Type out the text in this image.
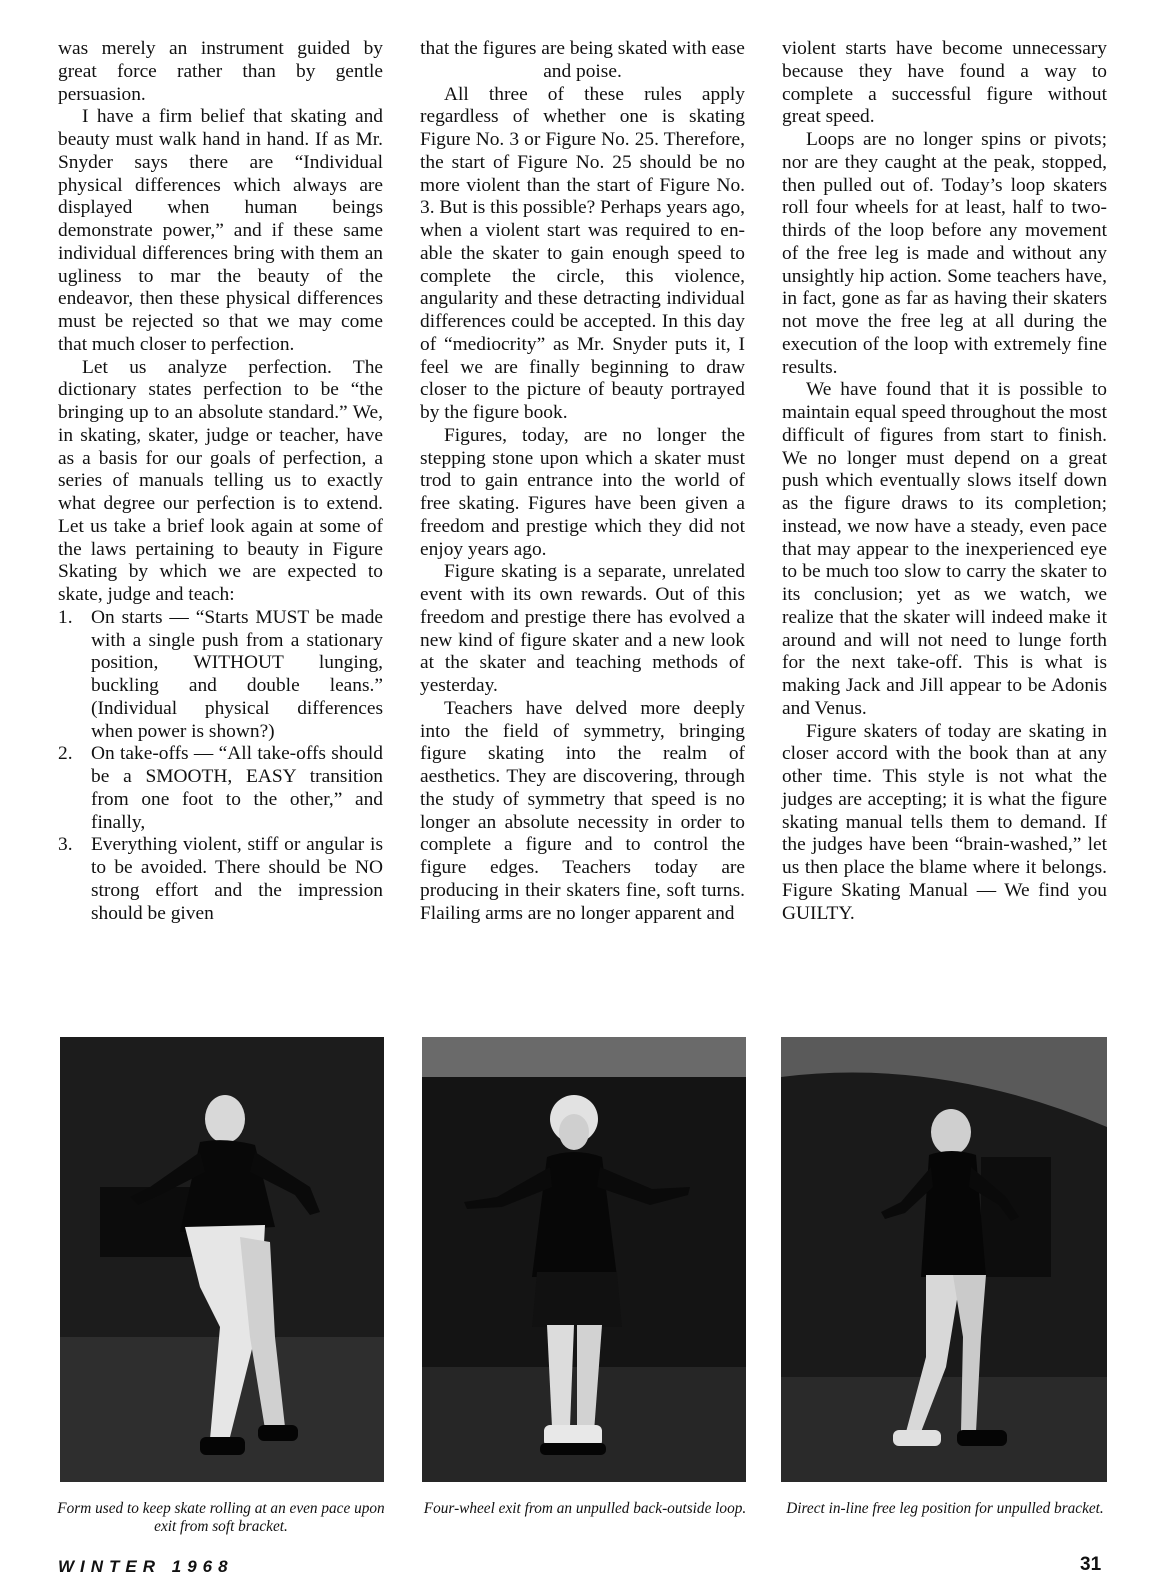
was merely an instrument guided by great force rather than by gentle persuasion.

I have a firm belief that skating and beauty must walk hand in hand. If as Mr. Snyder says there are “Individual physical differences which always are displayed when human beings demonstrate power,” and if these same individual differences bring with them an ugliness to mar the beauty of the endeavor, then these physical differences must be rejected so that we may come that much closer to perfection.

Let us analyze perfection. The dictionary states perfection to be “the bringing up to an absolute standard.” We, in skating, skater, judge or teacher, have as a basis for our goals of perfection, a series of manuals telling us to exactly what degree our perfection is to extend. Let us take a brief look again at some of the laws pertaining to beauty in Figure Skating by which we are expected to skate, judge and teach:

1. On starts — “Starts MUST be made with a single push from a stationary position, WITHOUT lunging, buckling and double leans.” (Individual physical differences when power is shown?)
2. On take-offs — “All take-offs should be a SMOOTH, EASY transition from one foot to the other,” and finally,
3. Everything violent, stiff or angular is to be avoided. There should be NO strong effort and the impression should be given

that the figures are being skated with ease and poise.

All three of these rules apply regardless of whether one is skating Figure No. 3 or Figure No. 25. Therefore, the start of Figure No. 25 should be no more violent than the start of Figure No. 3. But is this possible? Perhaps years ago, when a violent start was required to enable the skater to gain enough speed to complete the circle, this violence, angularity and these detracting individual differences could be accepted. In this day of “mediocrity” as Mr. Snyder puts it, I feel we are finally beginning to draw closer to the picture of beauty portrayed by the figure book.

Figures, today, are no longer the stepping stone upon which a skater must trod to gain entrance into the world of free skating. Figures have been given a freedom and prestige which they did not enjoy years ago.

Figure skating is a separate, unrelated event with its own rewards. Out of this freedom and prestige there has evolved a new kind of figure skater and a new look at the skater and teaching methods of yesterday.

Teachers have delved more deeply into the field of symmetry, bringing figure skating into the realm of aesthetics. They are discovering, through the study of symmetry that speed is no longer an absolute necessity in order to complete a figure and to control the figure edges. Teachers today are producing in their skaters fine, soft turns. Flailing arms are no longer apparent and

violent starts have become unnecessary because they have found a way to complete a successful figure without great speed.

Loops are no longer spins or pivots; nor are they caught at the peak, stopped, then pulled out of. Today’s loop skaters roll four wheels for at least, half to two-thirds of the loop before any movement of the free leg is made and without any unsightly hip action. Some teachers have, in fact, gone as far as having their skaters not move the free leg at all during the execution of the loop with extremely fine results.

We have found that it is possible to maintain equal speed throughout the most difficult of figures from start to finish. We no longer must depend on a great push which eventually slows itself down as the figure draws to its completion; instead, we now have a steady, even pace that may appear to the inexperienced eye to be much too slow to carry the skater to its conclusion; yet as we watch, we realize that the skater will indeed make it around and will not need to lunge forth for the next take-off. This is what is making Jack and Jill appear to be Adonis and Venus.

Figure skaters of today are skating in closer accord with the book than at any other time. This style is not what the judges are accepting; it is what the figure skating manual tells them to demand. If the judges have been “brain-washed,” let us then place the blame where it belongs. Figure Skating Manual — We find you GUILTY.

Form used to keep skate rolling at an even pace upon exit from soft bracket.
Four-wheel exit from an unpulled back-outside loop.	Direct in-line free leg position for unpulled bracket.
WINTER 1968	31
